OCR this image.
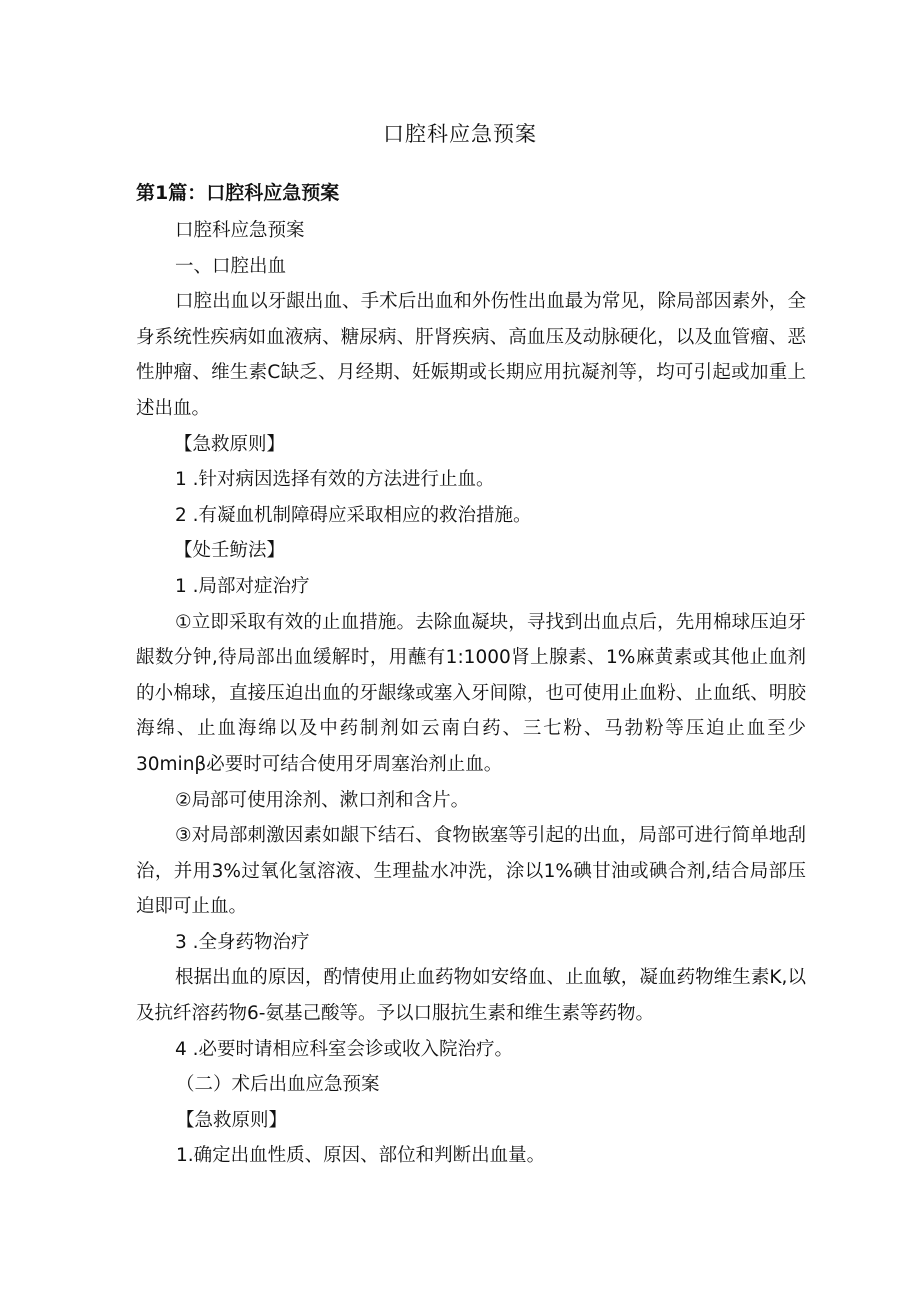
口腔科应急预案
第1篇：口腔科应急预案

口腔科应急预案

一、口腔出血

口腔出血以牙龈出血、手术后出血和外伤性出血最为常见，除局部因素外，全身系统性疾病如血液病、糖尿病、肝肾疾病、高血压及动脉硬化，以及血管瘤、恶性肿瘤、维生素C缺乏、月经期、妊娠期或长期应用抗凝剂等，均可引起或加重上述出血。

【急救原则】

1 .针对病因选择有效的方法进行止血。

2 .有凝血机制障碍应采取相应的救治措施。

【处壬鲂法】

1 .局部对症治疗

①立即采取有效的止血措施。去除血凝块，寻找到出血点后，先用棉球压迫牙龈数分钟,待局部出血缓解时，用蘸有1:1000肾上腺素、1%麻黄素或其他止血剂的小棉球，直接压迫出血的牙龈缘或塞入牙间隙，也可使用止血粉、止血纸、明胶海绵、止血海绵以及中药制剂如云南白药、三七粉、马勃粉等压迫止血至少30minβ必要时可结合使用牙周塞治剂止血。

②局部可使用涂剂、漱口剂和含片。

③对局部刺激因素如龈下结石、食物嵌塞等引起的出血，局部可进行简单地刮治，并用3%过氧化氢溶液、生理盐水冲洗，涂以1%碘甘油或碘合剂,结合局部压迫即可止血。

3 .全身药物治疗

根据出血的原因，酌情使用止血药物如安络血、止血敏，凝血药物维生素K,以及抗纤溶药物6-氨基己酸等。予以口服抗生素和维生素等药物。

4 .必要时请相应科室会诊或收入院治疗。

（二）术后出血应急预案

【急救原则】

1.确定出血性质、原因、部位和判断出血量。
